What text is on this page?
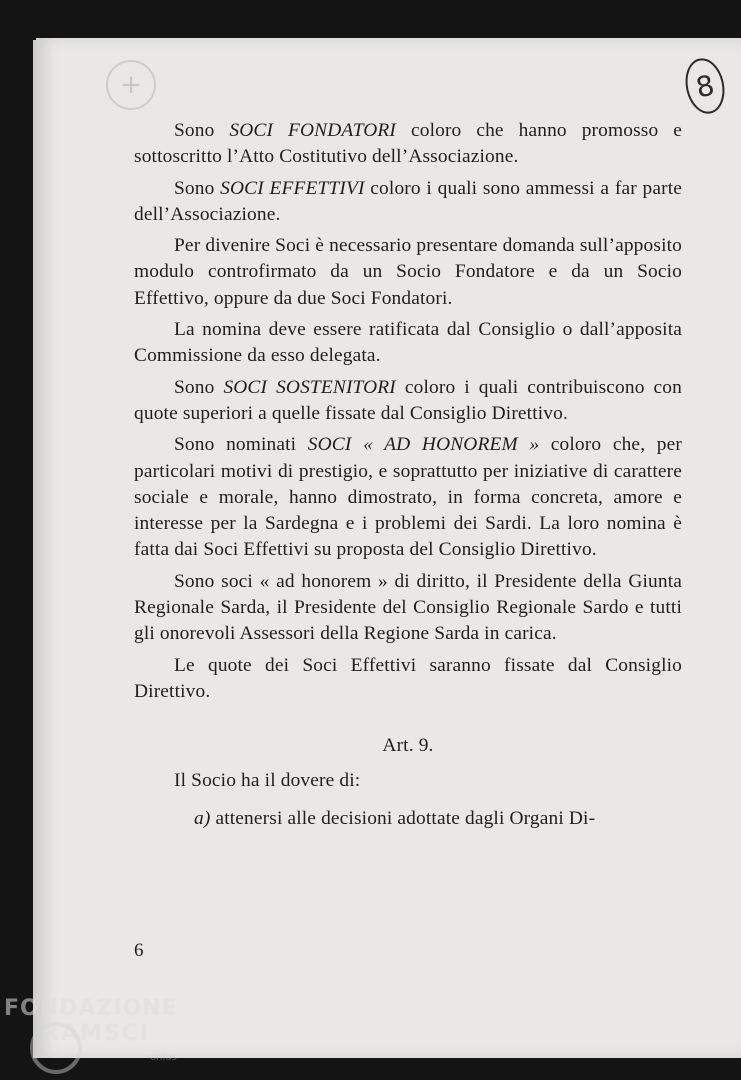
+	8

Sono SOCI FONDATORI coloro che hanno promosso e sottoscritto l’Atto Costitutivo dell’Associazione.

Sono SOCI EFFETTIVI coloro i quali sono ammessi a far parte dell’Associazione.

Per divenire Soci è necessario presentare domanda sull’apposito modulo controfirmato da un Socio Fondatore e da un Socio Effettivo, oppure da due Soci Fondatori.

La nomina deve essere ratificata dal Consiglio o dall’apposita Commissione da esso delegata.

Sono SOCI SOSTENITORI coloro i quali contribuiscono con quote superiori a quelle fissate dal Consiglio Direttivo.

Sono nominati SOCI « AD HONOREM » coloro che, per particolari motivi di prestigio, e soprattutto per iniziative di carattere sociale e morale, hanno dimostrato, in forma concreta, amore e interesse per la Sardegna e i problemi dei Sardi. La loro nomina è fatta dai Soci Effettivi su proposta del Consiglio Direttivo.

Sono soci « ad honorem » di diritto, il Presidente della Giunta Regionale Sarda, il Presidente del Consiglio Regionale Sardo e tutti gli onorevoli Assessori della Regione Sarda in carica.

Le quote dei Soci Effettivi saranno fissate dal Consiglio Direttivo.

Art. 9.

Il Socio ha il dovere di:

a) attenersi alle decisioni adottate dagli Organi Di-

6
FONDAZIONE
RAMSCI
onlus
